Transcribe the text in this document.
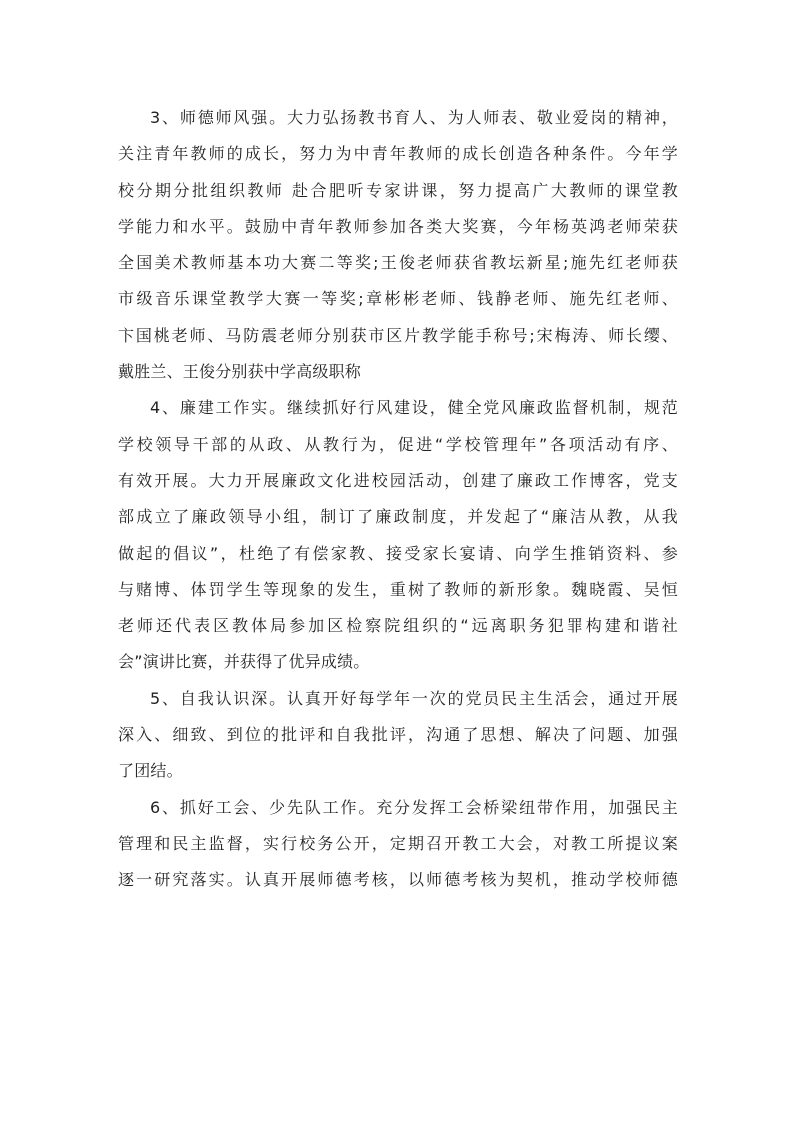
3、师德师风强。大力弘扬教书育人、为人师表、敬业爱岗的精神，
关注青年教师的成长，努力为中青年教师的成长创造各种条件。今年学
校分期分批组织教师 赴合肥听专家讲课，努力提高广大教师的课堂教
学能力和水平。鼓励中青年教师参加各类大奖赛，今年杨英鸿老师荣获
全国美术教师基本功大赛二等奖;王俊老师获省教坛新星;施先红老师获
市级音乐课堂教学大赛一等奖;章彬彬老师、钱静老师、施先红老师、
卞国桃老师、马防震老师分别获市区片教学能手称号;宋梅涛、师长缨、
戴胜兰、王俊分别获中学高级职称

4、廉建工作实。继续抓好行风建设，健全党风廉政监督机制，规范
学校领导干部的从政、从教行为，促进“学校管理年”各项活动有序、
有效开展。大力开展廉政文化进校园活动，创建了廉政工作博客，党支
部成立了廉政领导小组，制订了廉政制度，并发起了“廉洁从教，从我
做起的倡议”，杜绝了有偿家教、接受家长宴请、向学生推销资料、参
与赌博、体罚学生等现象的发生，重树了教师的新形象。魏晓霞、吴恒
老师还代表区教体局参加区检察院组织的“远离职务犯罪构建和谐社
会”演讲比赛，并获得了优异成绩。

5、自我认识深。认真开好每学年一次的党员民主生活会，通过开展
深入、细致、到位的批评和自我批评，沟通了思想、解决了问题、加强
了团结。

6、抓好工会、少先队工作。充分发挥工会桥梁纽带作用，加强民主
管理和民主监督，实行校务公开，定期召开教工大会，对教工所提议案
逐一研究落实。认真开展师德考核，以师德考核为契机，推动学校师德
